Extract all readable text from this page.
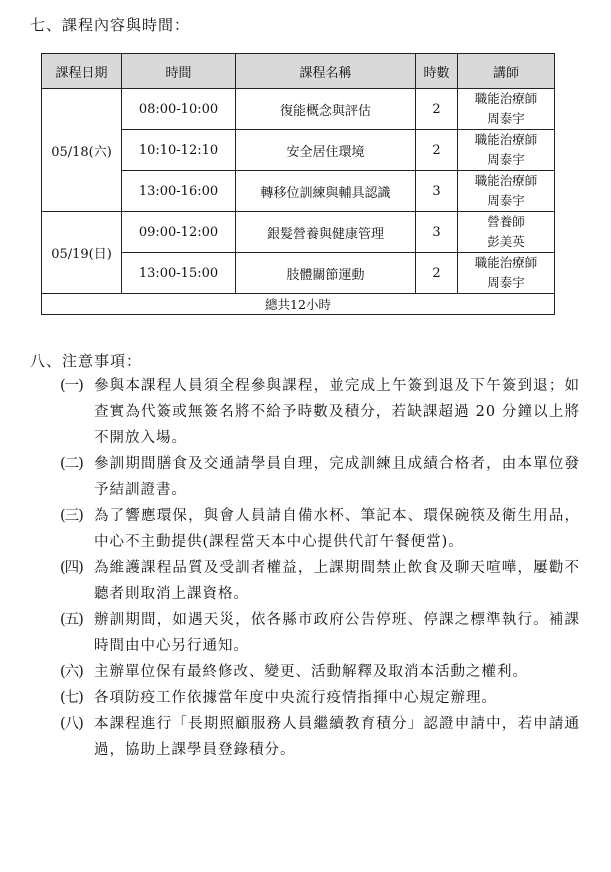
七、課程內容與時間：
課程日期	時間	課程名稱	時數	講師
05/18(六)	08:00-10:00	復能概念與評估	2	職能治療師
周泰宇

	10:10-12:10	安全居住環境	2	職能治療師
周泰宇

	13:00-16:00	轉移位訓練與輔具認識	3	職能治療師
周泰宇

05/19(日)	09:00-12:00	銀髮營養與健康管理	3	營養師
彭美英

	13:00-15:00	肢體關節運動	2	職能治療師
周泰宇

總共12小時				
八、注意事項：
(一) 參與本課程人員須全程參與課程，並完成上午簽到退及下午簽到退；如查實為代簽或無簽名將不給予時數及積分，若缺課超過 20 分鐘以上將不開放入場。
(二) 參訓期間膳食及交通請學員自理，完成訓練且成績合格者，由本單位發予結訓證書。
(三) 為了響應環保，與會人員請自備水杯、筆記本、環保碗筷及衛生用品，中心不主動提供(課程當天本中心提供代訂午餐便當)。
(四) 為維護課程品質及受訓者權益，上課期間禁止飲食及聊天喧嘩，屢勸不聽者則取消上課資格。
(五) 辦訓期間，如遇天災，依各縣市政府公告停班、停課之標準執行。補課時間由中心另行通知。
(六) 主辦單位保有最終修改、變更、活動解釋及取消本活動之權利。
(七) 各項防疫工作依據當年度中央流行疫情指揮中心規定辦理。
(八) 本課程進行「長期照顧服務人員繼續教育積分」認證申請中，若申請通過，協助上課學員登錄積分。
